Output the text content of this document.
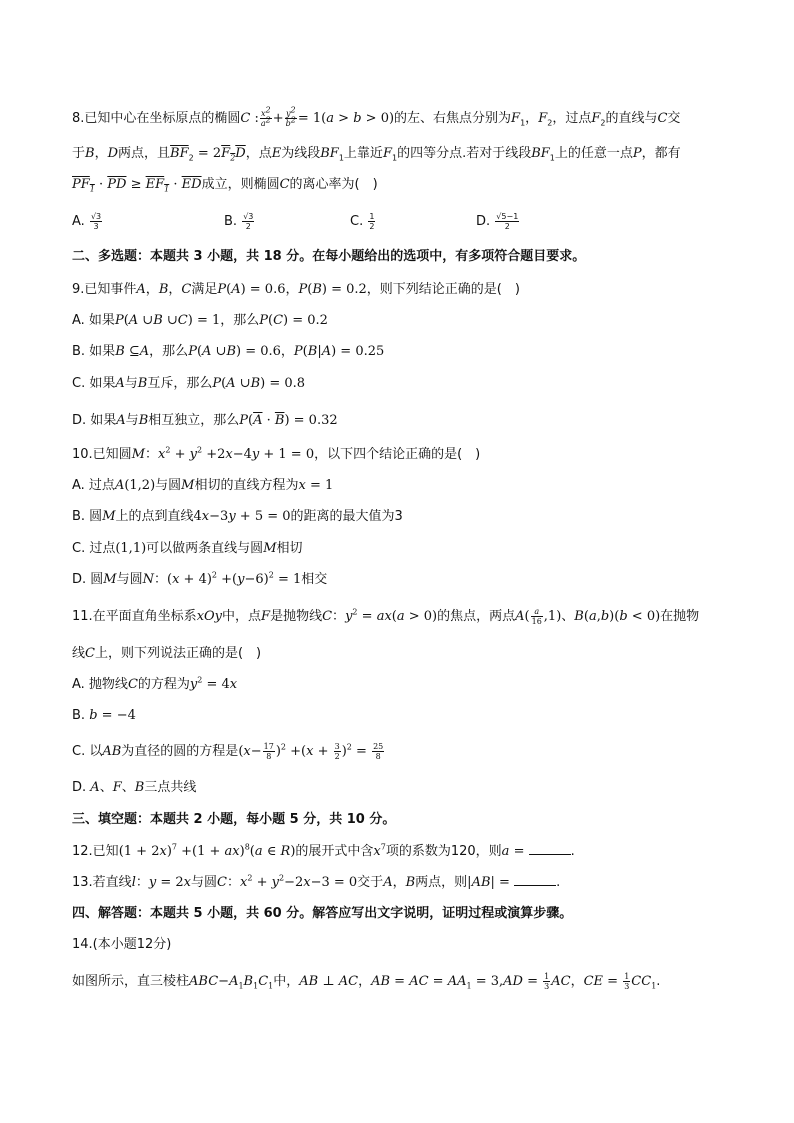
8.已知中心在坐标原点的椭圆C : $\frac{x^2}{a^2} + \frac{y^2}{b^2} = 1(a > b > 0)$的左、右焦点分别为$F_1$，$F_2$，过点$F_2$的直线与C交
于B，D两点，且$\overline{BF}_2 = 2F_2D$，点E为线段$BF_1$上靠近$F_1$的四等分点.若对于线段$BF_1$上的任意一点P，都有
$PF_1 \cdot \overline{PD} \ge EF_1 \cdot \overline{ED}$成立，则椭圆C的离心率为(　)
A. $\frac{√3}{3}$	B. $\frac{√3}{2}$	C. $\frac{1}{2}$	D. $\frac{√5-1}{2}$
二、多选题：本题共 3 小题，共 18 分。在每小题给出的选项中，有多项符合题目要求。
9.已知事件A，B，C满足P(A) = 0.6，P(B) = 0.2，则下列结论正确的是(　)
A. 如果P(A ∪B ∪C) = 1，那么P(C) = 0.2
B. 如果B ⊆A，那么P(A ∪B) = 0.6，P(B|A) = 0.25
C. 如果A与B互斥，那么P(A ∪B) = 0.8
D. 如果A与B相互独立，那么$P(\overline{A} \cdot \overline{B}) = 0.32$
10.已知圆M：$x^2 + y^2 +2x-4y + 1 = 0$，以下四个结论正确的是(　)
A. 过点A(1,2)与圆M相切的直线方程为x = 1
B. 圆M上的点到直线4x−3y + 5 = 0的距离的最大值为3
C. 过点(1,1)可以做两条直线与圆M相切
D. 圆M与圆N：$(x + 4)^2 +(y-6)^2 = 1$相交
11.在平面直角坐标系xOy中，点F是抛物线C：$y^2 = ax(a > 0)$的焦点，两点$A( \frac{a}{16} ,1)$、B(a,b)(b < 0)在抛物
线C上，则下列说法正确的是(　)
A. 抛物线C的方程为$y^2 = 4x$
B. b = −4
C. 以AB为直径的圆的方程是$(x- \frac{17}{8} )^2 +(x + \frac{3}{2} )^2 = \frac{25}{8}$
D. A、F、B三点共线
三、填空题：本题共 2 小题，每小题 5 分，共 10 分。
12.已知$(1 + 2x)^7 +(1 + ax)^8(a$ ∈ R)的展开式中含$x^7$项的系数为120，则a =	.
13.若直线l：y = 2x与圆C：$x^2 + y^2-2x-3 = 0$交于A，B两点，则|AB| =	.
四、解答题：本题共 5 小题，共 60 分。解答应写出文字说明，证明过程或演算步骤。
14.(本小题12分)
如图所示，直三棱柱$ABC-A_1B_1C_1$中，AB ⊥ AC，AB = AC = $AA_1 = 3,AD = \frac{1}{3}$ AC，CE = $\frac{1}{3} CC_1$.
